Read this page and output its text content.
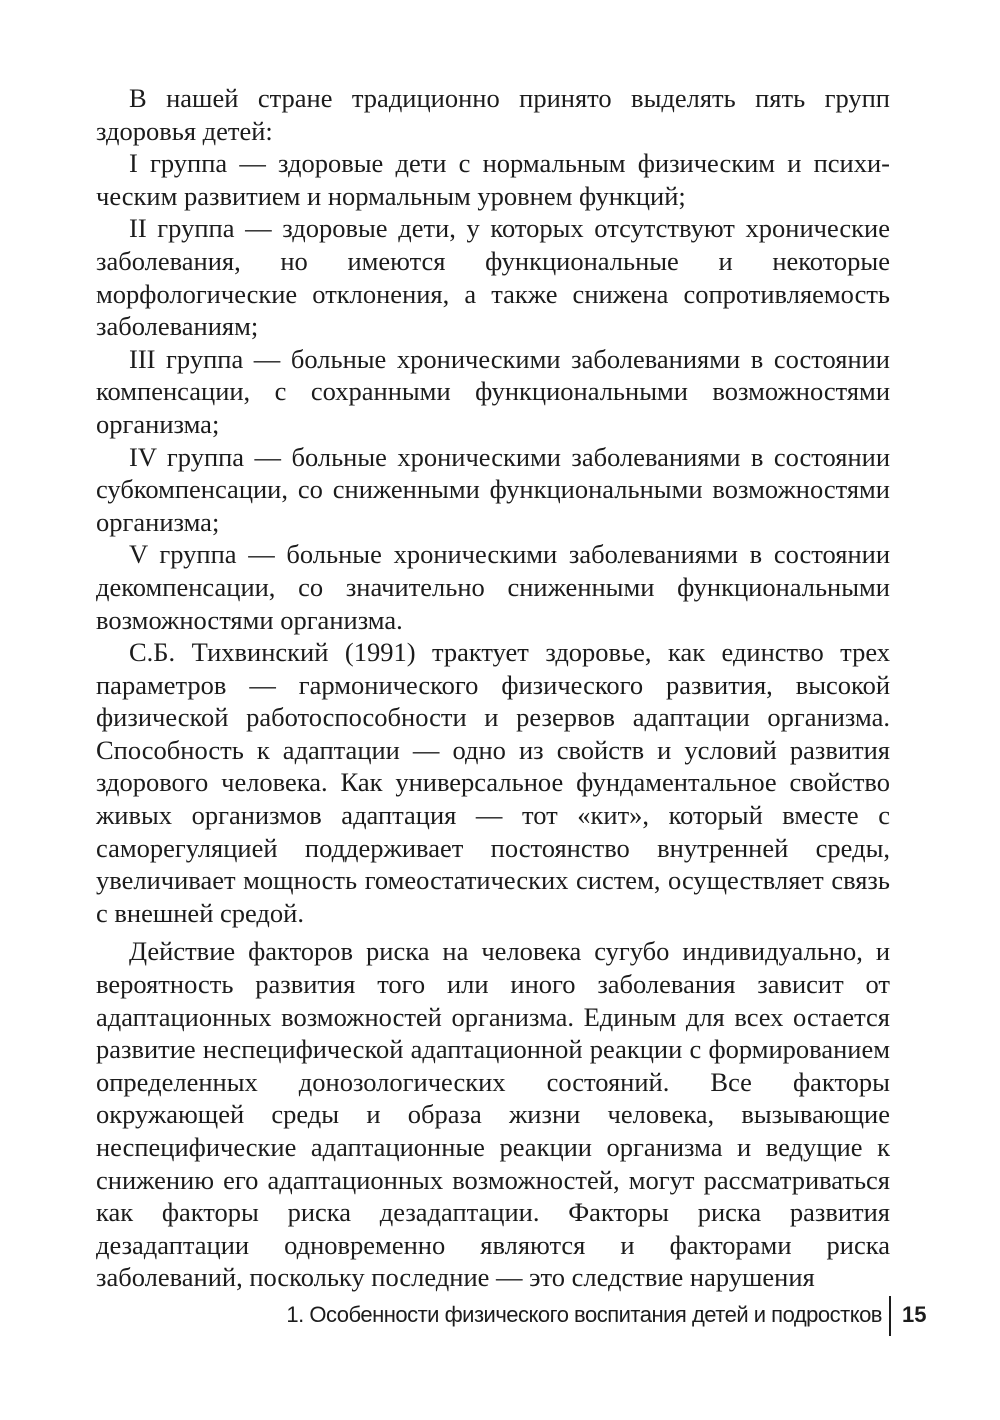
В нашей стране традиционно принято выделять пять групп здоровья детей:

I группа — здоровые дети с нормальным физическим и психическим развитием и нормальным уровнем функций;

II группа — здоровые дети, у которых отсутствуют хронические заболевания, но имеются функциональные и некоторые морфологические отклонения, а также снижена сопротивляемость заболеваниям;

III группа — больные хроническими заболеваниями в состоянии компенсации, с сохранными функциональными возможностями организма;

IV группа — больные хроническими заболеваниями в состоянии субкомпенсации, со сниженными функциональными возможностями организма;

V группа — больные хроническими заболеваниями в состоянии декомпенсации, со значительно сниженными функциональными возможностями организма.

С.Б. Тихвинский (1991) трактует здоровье, как единство трех параметров — гармонического физического развития, высокой физической работоспособности и резервов адаптации организма. Способность к адаптации — одно из свойств и условий развития здорового человека. Как универсальное фундаментальное свойство живых организмов адаптация — тот «кит», который вместе с саморегуляцией поддерживает постоянство внутренней среды, увеличивает мощность гомеостатических систем, осуществляет связь с внешней средой.

Действие факторов риска на человека сугубо индивидуально, и вероятность развития того или иного заболевания зависит от адаптационных возможностей организма. Единым для всех остается развитие неспецифической адаптационной реакции с формированием определенных донозологических состояний. Все факторы окружающей среды и образа жизни человека, вызывающие неспецифические адаптационные реакции организма и ведущие к снижению его адаптационных возможностей, могут рассматриваться как факторы риска дезадаптации. Факторы риска развития дезадаптации одновременно являются и факторами риска заболеваний, поскольку последние — это следствие нарушения

1. Особенности физического воспитания детей и подростков 15
